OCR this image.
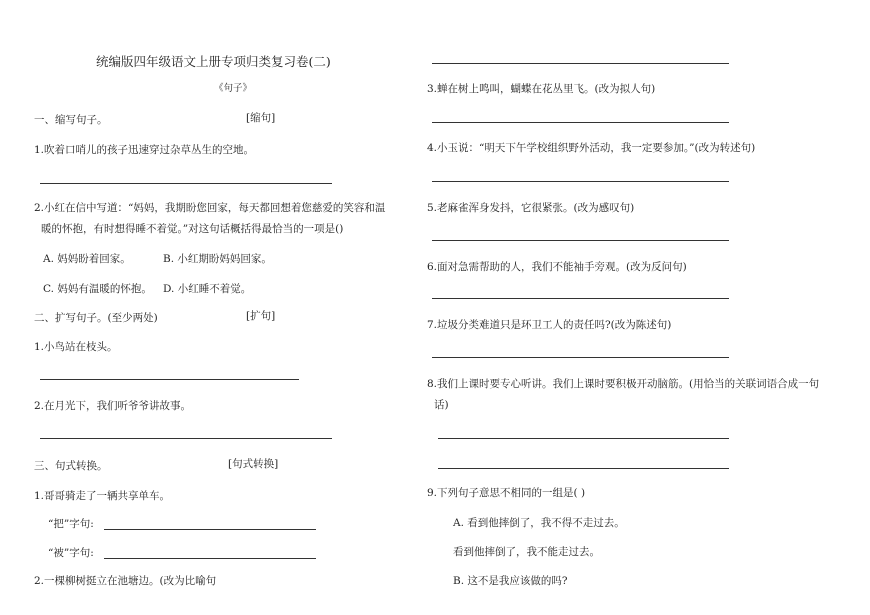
统编版四年级语文上册专项归类复习卷(二)
《句子》
一、缩写句子。	[缩句]
1.吹着口哨儿的孩子迅速穿过杂草丛生的空地。
2.小红在信中写道：“妈妈，我期盼您回家，每天都回想着您慈爱的笑容和温
暖的怀抱，有时想得睡不着觉。”对这句话概括得最恰当的一项是()
A. 妈妈盼着回家。	B. 小红期盼妈妈回家。
C. 妈妈有温暖的怀抱。 D. 小红睡不着觉。
二、扩写句子。(至少两处)	[扩句]
1.小鸟站在枝头。
2.在月光下，我们听爷爷讲故事。
三、句式转换。	[句式转换]
1.哥哥骑走了一辆共享单车。
“把”字句:
“被”字句:
2.一棵柳树挺立在池塘边。(改为比喻句
3.蝉在树上鸣叫，蝴蝶在花丛里飞。(改为拟人句)
4.小玉说：“明天下午学校组织野外活动，我一定要参加。”(改为转述句)
5.老麻雀浑身发抖，它很紧张。(改为感叹句)
6.面对急需帮助的人，我们不能袖手旁观。(改为反问句)
7.垃圾分类难道只是环卫工人的责任吗?(改为陈述句)
8.我们上课时要专心听讲。我们上课时要积极开动脑筋。(用恰当的关联词语合成一句
话)
9.下列句子意思不相同的一组是( )
A. 看到他摔倒了，我不得不走过去。
看到他摔倒了，我不能走过去。
B. 这不是我应该做的吗?
